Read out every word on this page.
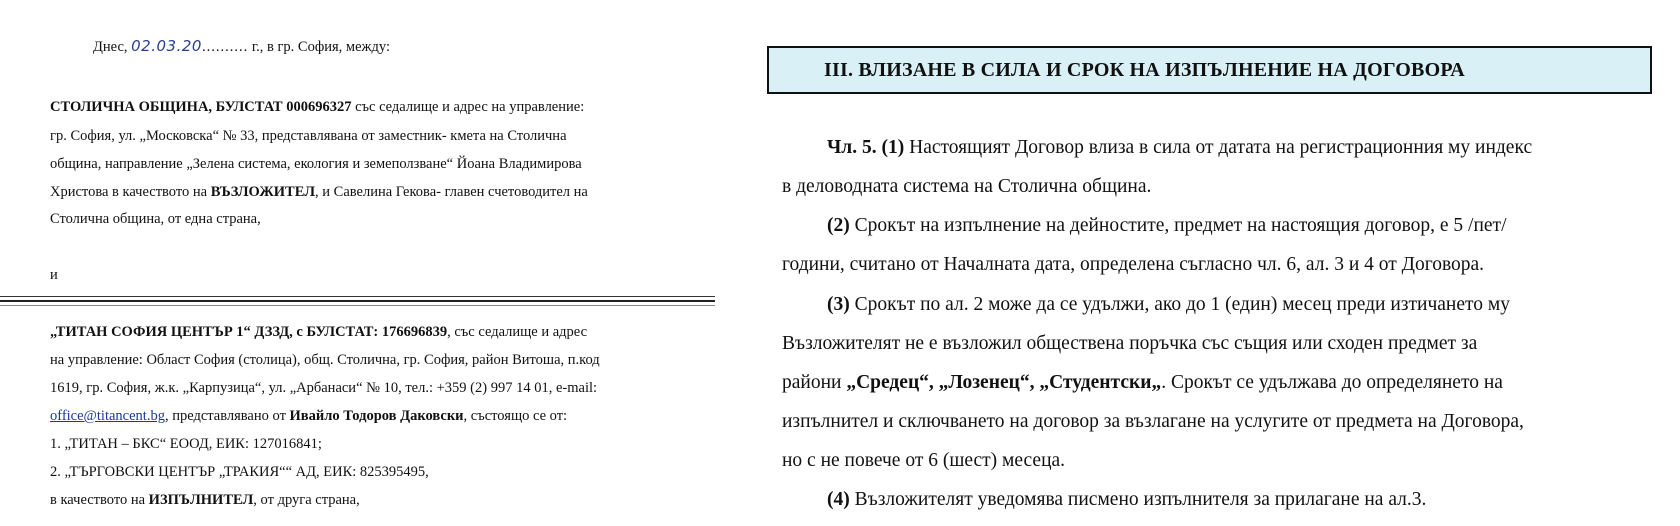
Днес, 02.03.20.......... г., в гр. София, между:
СТОЛИЧНА ОБЩИНА, БУЛСТАТ 000696327 със седалище и адрес на управление:
гр. София, ул. „Московска“ № 33, представлявана от заместник- кмета на Столична
община, направление „Зелена система, екология и земеползване“ Йоана Владимирова
Христова в качеството на ВЪЗЛОЖИТЕЛ, и Савелина Гекова- главен счетоводител на
Столична община, от една страна,
и
„ТИТАН СОФИЯ ЦЕНТЪР 1“ ДЗЗД, с БУЛСТАТ: 176696839, със седалище и адрес
на управление: Област София (столица), общ. Столична, гр. София, район Витоша, п.код
1619, гр. София, ж.к. „Карпузица“, ул. „Арбанаси“ № 10, тел.: +359 (2) 997 14 01, e-mail:
office@titancent.bg, представлявано от Ивайло Тодоров Даковски, състоящо се от:
1. „ТИТАН – БКС“ ЕООД, ЕИК: 127016841;
2. „ТЪРГОВСКИ ЦЕНТЪР „ТРАКИЯ““ АД, ЕИК: 825395495,
в качеството на ИЗПЪЛНИТЕЛ, от друга страна,
III. ВЛИЗАНЕ В СИЛА И СРОК НА ИЗПЪЛНЕНИЕ НА ДОГОВОРА
Чл. 5. (1) Настоящият Договор влиза в сила от датата на регистрационния му индекс
в деловодната система на Столична община.
(2) Срокът на изпълнение на дейностите, предмет на настоящия договор, е 5 /пет/
години, считано от Началната дата, определена съгласно чл. 6, ал. 3 и 4 от Договора.
(3) Срокът по ал. 2 може да се удължи, ако до 1 (един) месец преди изтичането му
Възложителят не е възложил обществена поръчка със същия или сходен предмет за
райони „Средец“, „Лозенец“, „Студентски„. Срокът се удължава до определянето на
изпълнител и сключването на договор за възлагане на услугите от предмета на Договора,
но с не повече от 6 (шест) месеца.
(4) Възложителят уведомява писмено изпълнителя за прилагане на ал.3.
